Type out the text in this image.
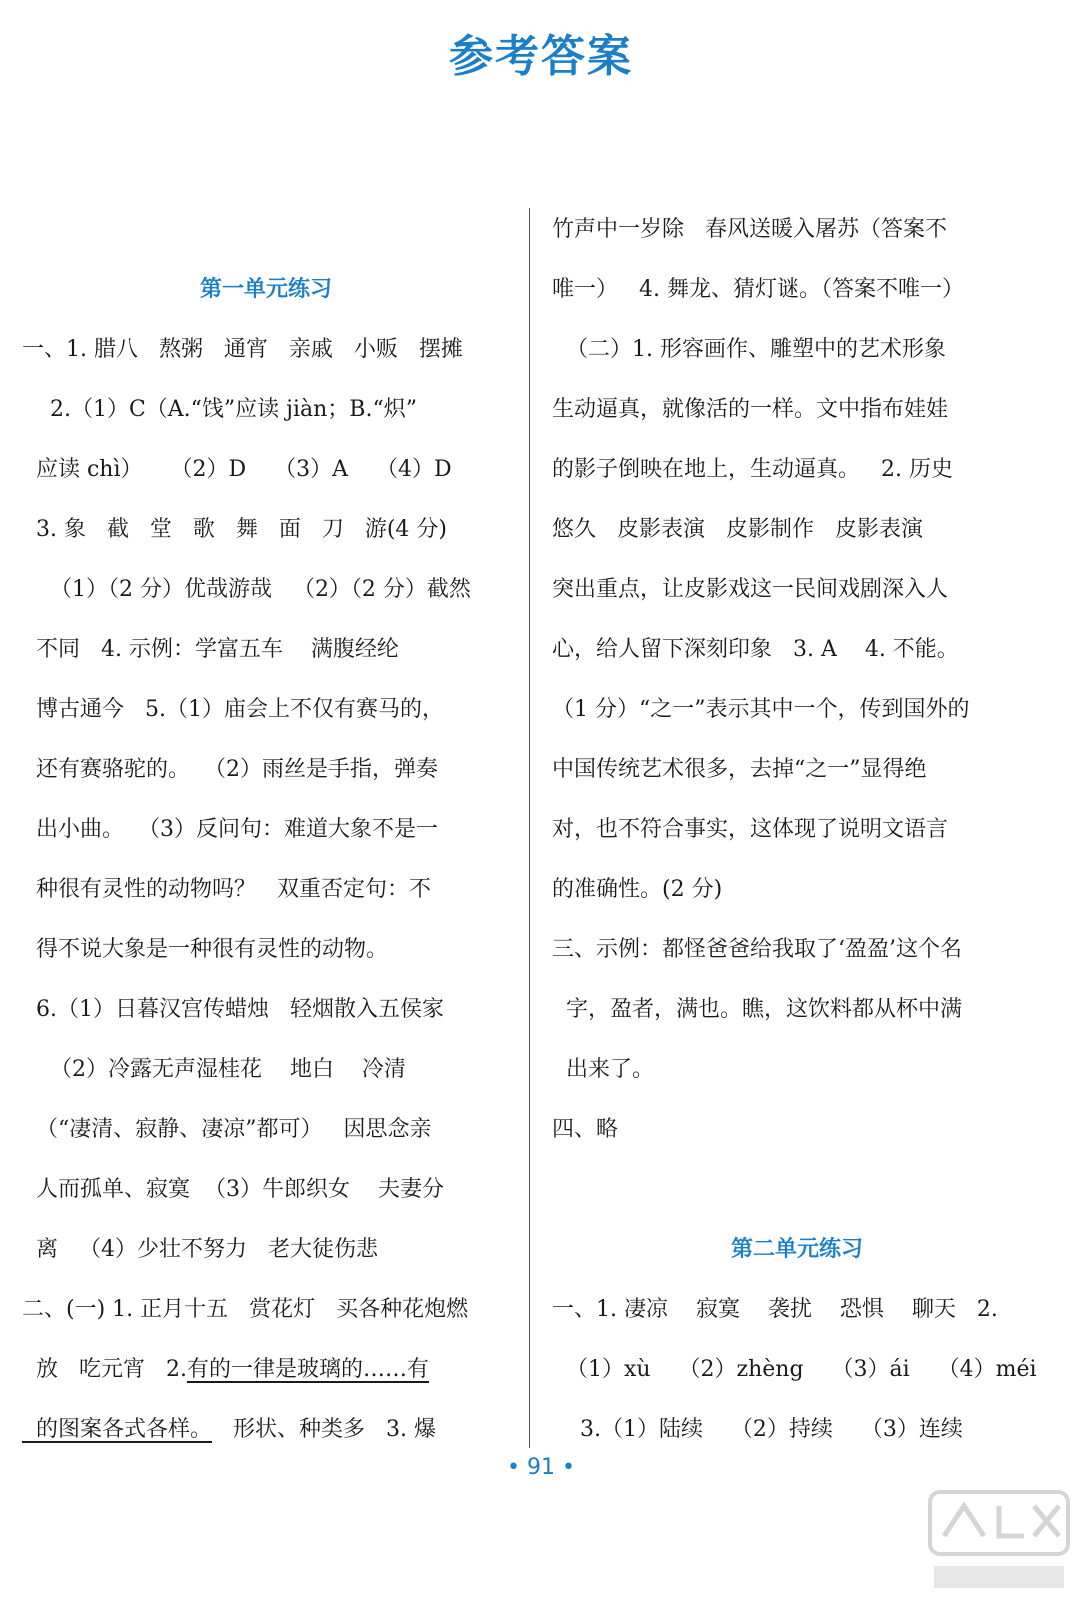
参考答案
第一单元练习
一、1. 腊八   熬粥   通宵   亲戚   小贩   摆摊
2.（1）C（A.“饯”应读 jiàn；B.“炽”
应读 chì）    （2）D    （3）A    （4）D
3. 象   截   堂   歌   舞   面   刀   游(4 分)
（1）（2 分）优哉游哉   （2）（2 分）截然
不同   4. 示例：学富五车    满腹经纶
博古通今   5.（1）庙会上不仅有赛马的，
还有赛骆驼的。  （2）雨丝是手指，弹奏
出小曲。  （3）反问句：难道大象不是一
种很有灵性的动物吗？   双重否定句：不
得不说大象是一种很有灵性的动物。
6.（1）日暮汉宫传蜡烛   轻烟散入五侯家
（2）冷露无声湿桂花    地白    冷清
（“凄清、寂静、凄凉”都可）   因思念亲
人而孤单、寂寞  （3）牛郎织女    夫妻分
离   （4）少壮不努力   老大徒伤悲
二、(一) 1. 正月十五   赏花灯   买各种花炮燃
放   吃元宵   2.有的一律是玻璃的……有
的图案各式各样。   形状、种类多   3. 爆
竹声中一岁除   春风送暖入屠苏（答案不
唯一）   4. 舞龙、猜灯谜。（答案不唯一）
（二）1. 形容画作、雕塑中的艺术形象
生动逼真，就像活的一样。文中指布娃娃
的影子倒映在地上，生动逼真。   2. 历史
悠久   皮影表演   皮影制作   皮影表演
突出重点，让皮影戏这一民间戏剧深入人
心，给人留下深刻印象   3. A    4. 不能。
（1 分）“之一”表示其中一个，传到国外的
中国传统艺术很多，去掉“之一”显得绝
对，也不符合事实，这体现了说明文语言
的准确性。(2 分)
三、示例：都怪爸爸给我取了‘盈盈’这个名
字，盈者，满也。瞧，这饮料都从杯中满
出来了。
四、略
第二单元练习
一、1. 凄凉    寂寞    袭扰    恐惧    聊天   2.
（1）xù    （2）zhèng    （3）ái    （4）méi
3.（1）陆续    （2）持续    （3）连续
• 91 •
